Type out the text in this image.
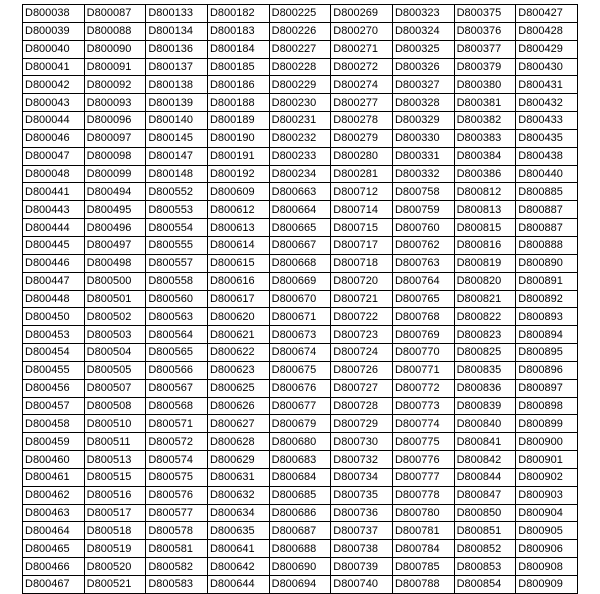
D800038	D800087	D800133	D800182	D800225	D800269	D800323	D800375	D800427
D800039	D800088	D800134	D800183	D800226	D800270	D800324	D800376	D800428
D800040	D800090	D800136	D800184	D800227	D800271	D800325	D800377	D800429
D800041	D800091	D800137	D800185	D800228	D800272	D800326	D800379	D800430
D800042	D800092	D800138	D800186	D800229	D800274	D800327	D800380	D800431
D800043	D800093	D800139	D800188	D800230	D800277	D800328	D800381	D800432
D800044	D800096	D800140	D800189	D800231	D800278	D800329	D800382	D800433
D800046	D800097	D800145	D800190	D800232	D800279	D800330	D800383	D800435
D800047	D800098	D800147	D800191	D800233	D800280	D800331	D800384	D800438
D800048	D800099	D800148	D800192	D800234	D800281	D800332	D800386	D800440
D800441	D800494	D800552	D800609	D800663	D800712	D800758	D800812	D800885
D800443	D800495	D800553	D800612	D800664	D800714	D800759	D800813	D800887
D800444	D800496	D800554	D800613	D800665	D800715	D800760	D800815	D800887
D800445	D800497	D800555	D800614	D800667	D800717	D800762	D800816	D800888
D800446	D800498	D800557	D800615	D800668	D800718	D800763	D800819	D800890
D800447	D800500	D800558	D800616	D800669	D800720	D800764	D800820	D800891
D800448	D800501	D800560	D800617	D800670	D800721	D800765	D800821	D800892
D800450	D800502	D800563	D800620	D800671	D800722	D800768	D800822	D800893
D800453	D800503	D800564	D800621	D800673	D800723	D800769	D800823	D800894
D800454	D800504	D800565	D800622	D800674	D800724	D800770	D800825	D800895
D800455	D800505	D800566	D800623	D800675	D800726	D800771	D800835	D800896
D800456	D800507	D800567	D800625	D800676	D800727	D800772	D800836	D800897
D800457	D800508	D800568	D800626	D800677	D800728	D800773	D800839	D800898
D800458	D800510	D800571	D800627	D800679	D800729	D800774	D800840	D800899
D800459	D800511	D800572	D800628	D800680	D800730	D800775	D800841	D800900
D800460	D800513	D800574	D800629	D800683	D800732	D800776	D800842	D800901
D800461	D800515	D800575	D800631	D800684	D800734	D800777	D800844	D800902
D800462	D800516	D800576	D800632	D800685	D800735	D800778	D800847	D800903
D800463	D800517	D800577	D800634	D800686	D800736	D800780	D800850	D800904
D800464	D800518	D800578	D800635	D800687	D800737	D800781	D800851	D800905
D800465	D800519	D800581	D800641	D800688	D800738	D800784	D800852	D800906
D800466	D800520	D800582	D800642	D800690	D800739	D800785	D800853	D800908
D800467	D800521	D800583	D800644	D800694	D800740	D800788	D800854	D800909
